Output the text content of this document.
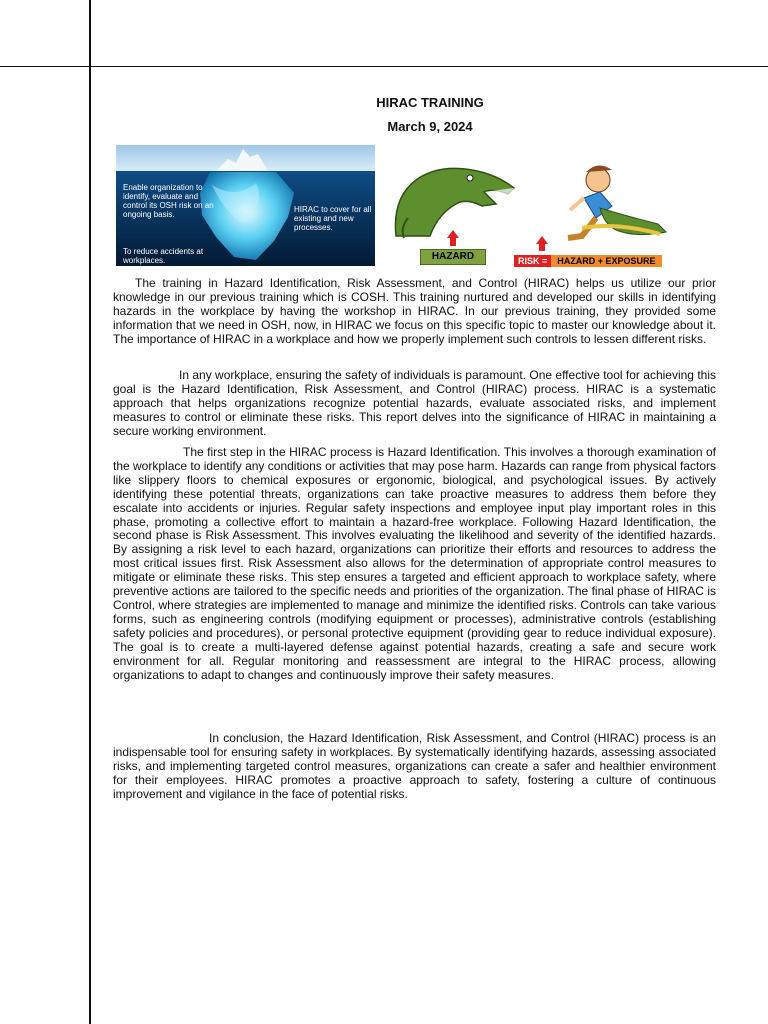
HIRAC TRAINING
March 9, 2024
Enable organization to identify, evaluate and control its OSH risk on an ongoing basis.
HIRAC to cover for all existing and new processes.
To reduce accidents at workplaces.	HAZARD	RISK =	HAZARD + EXPOSURE

The training in Hazard Identification, Risk Assessment, and Control (HIRAC) helps us utilize our prior knowledge in our previous training which is COSH. This training nurtured and developed our skills in identifying hazards in the workplace by having the workshop in HIRAC. In our previous training, they provided some information that we need in OSH, now, in HIRAC we focus on this specific topic to master our knowledge about it. The importance of HIRAC in a workplace and how we properly implement such controls to lessen different risks.

In any workplace, ensuring the safety of individuals is paramount. One effective tool for achieving this goal is the Hazard Identification, Risk Assessment, and Control (HIRAC) process. HIRAC is a systematic approach that helps organizations recognize potential hazards, evaluate associated risks, and implement measures to control or eliminate these risks. This report delves into the significance of HIRAC in maintaining a secure working environment.

The first step in the HIRAC process is Hazard Identification. This involves a thorough examination of the workplace to identify any conditions or activities that may pose harm. Hazards can range from physical factors like slippery floors to chemical exposures or ergonomic, biological, and psychological issues. By actively identifying these potential threats, organizations can take proactive measures to address them before they escalate into accidents or injuries. Regular safety inspections and employee input play important roles in this phase, promoting a collective effort to maintain a hazard-free workplace. Following Hazard Identification, the second phase is Risk Assessment. This involves evaluating the likelihood and severity of the identified hazards. By assigning a risk level to each hazard, organizations can prioritize their efforts and resources to address the most critical issues first. Risk Assessment also allows for the determination of appropriate control measures to mitigate or eliminate these risks. This step ensures a targeted and efficient approach to workplace safety, where preventive actions are tailored to the specific needs and priorities of the organization. The final phase of HIRAC is Control, where strategies are implemented to manage and minimize the identified risks. Controls can take various forms, such as engineering controls (modifying equipment or processes), administrative controls (establishing safety policies and procedures), or personal protective equipment (providing gear to reduce individual exposure). The goal is to create a multi-layered defense against potential hazards, creating a safe and secure work environment for all. Regular monitoring and reassessment are integral to the HIRAC process, allowing organizations to adapt to changes and continuously improve their safety measures.

In conclusion, the Hazard Identification, Risk Assessment, and Control (HIRAC) process is an indispensable tool for ensuring safety in workplaces. By systematically identifying hazards, assessing associated risks, and implementing targeted control measures, organizations can create a safer and healthier environment for their employees. HIRAC promotes a proactive approach to safety, fostering a culture of continuous improvement and vigilance in the face of potential risks.
